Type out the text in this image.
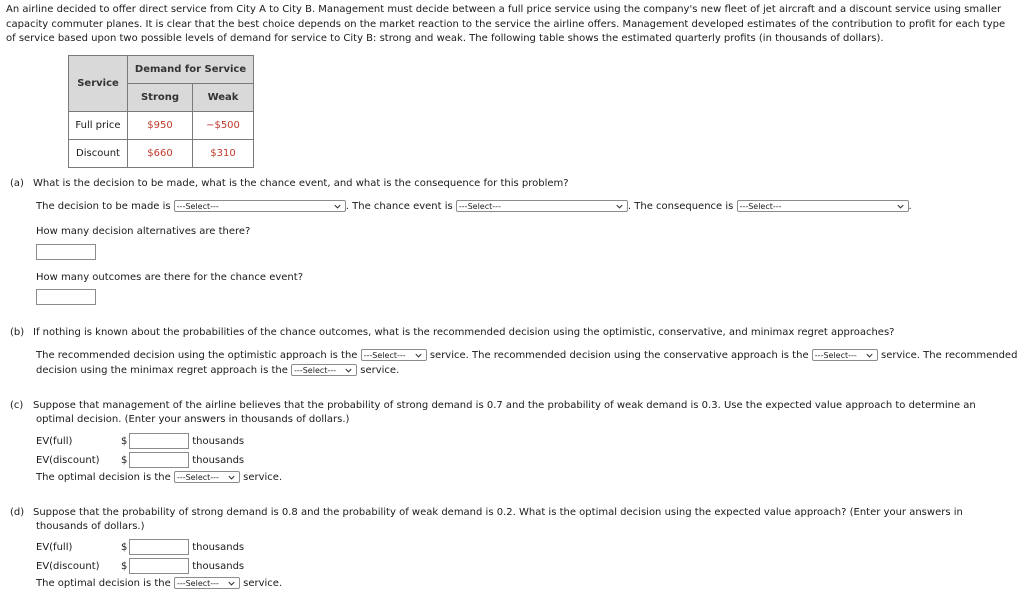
An airline decided to offer direct service from City A to City B. Management must decide between a full price service using the company's new fleet of jet aircraft and a discount service using smaller capacity commuter planes. It is clear that the best choice depends on the market reaction to the service the airline offers. Management developed estimates of the contribution to profit for each type of service based upon two possible levels of demand for service to City B: strong and weak. The following table shows the estimated quarterly profits (in thousands of dollars).
Service	Demand for Service	
	Strong	Weak
Full price	$950	−$500
Discount	$660	$310
(a) What is the decision to be made, what is the chance event, and what is the consequence for this problem?
The decision to be made is ---Select---	. The chance event is ---Select---	. The consequence is ---Select---	.
How many decision alternatives are there?
How many outcomes are there for the chance event?
(b) If nothing is known about the probabilities of the chance outcomes, what is the recommended decision using the optimistic, conservative, and minimax regret approaches?
The recommended decision using the optimistic approach is the ---Select--- service. The recommended decision using the conservative approach is the ---Select--- service. The recommended
decision using the minimax regret approach is the ---Select--- service.
(c) Suppose that management of the airline believes that the probability of strong demand is 0.7 and the probability of weak demand is 0.3. Use the expected value approach to determine an
optimal decision. (Enter your answers in thousands of dollars.)
EV(full)	$	thousands
EV(discount) $	thousands
The optimal decision is the ---Select--- service.
(d) Suppose that the probability of strong demand is 0.8 and the probability of weak demand is 0.2. What is the optimal decision using the expected value approach? (Enter your answers in
thousands of dollars.)
EV(full)	$	thousands
EV(discount) $	thousands
The optimal decision is the ---Select--- service.
